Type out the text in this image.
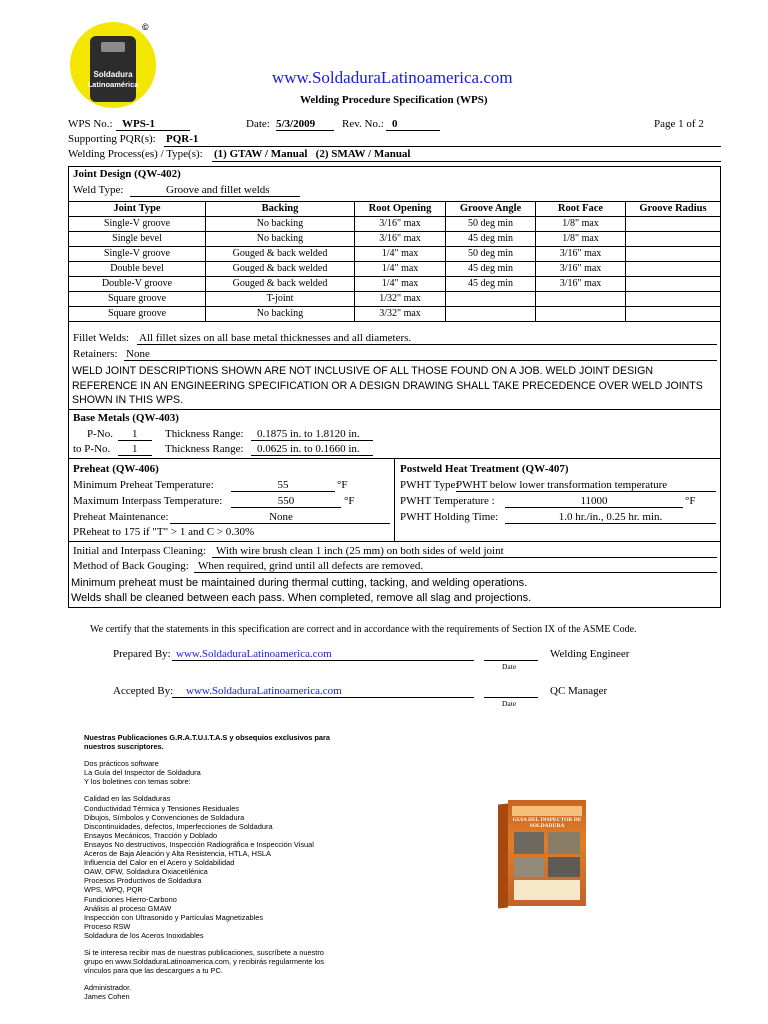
Soldadura
Latinoamérica
©
www.SoldaduraLatinoamerica.com
Welding Procedure Specification (WPS)
WPS No.: WPS-1	Date: 5/3/2009	Rev. No.: 0	Page 1 of 2
Supporting PQR(s): PQR-1
Welding Process(es) / Type(s): (1) GTAW / Manual   (2) SMAW / Manual
Joint Design (QW-402)
Weld Type:	Groove and fillet welds
Joint Type	Backing	Root Opening	Groove Angle	Root Face	Groove Radius
Single-V groove	No backing	3/16" max	50 deg min	1/8" max	
Single bevel	No backing	3/16" max	45 deg min	1/8" max	
Single-V groove	Gouged & back welded	1/4" max	50 deg min	3/16" max	
Double bevel	Gouged & back welded	1/4" max	45 deg min	3/16" max	
Double-V groove	Gouged & back welded	1/4" max	45 deg min	3/16" max	
Square groove	T-joint	1/32" max			
Square groove	No backing	3/32" max			
Fillet Welds: All fillet sizes on all base metal thicknesses and all diameters.
Retainers: None
WELD JOINT DESCRIPTIONS SHOWN ARE NOT INCLUSIVE OF ALL THOSE FOUND ON A JOB. WELD JOINT DESIGN REFERENCE IN AN ENGINEERING SPECIFICATION OR A DESIGN DRAWING SHALL TAKE PRECEDENCE OVER WELD JOINTS SHOWN IN THIS WPS.
Base Metals (QW-403)
P-No.	1	Thickness Range:	0.1875 in. to 1.8120 in.
to P-No.	1	Thickness Range:	0.0625 in. to 0.1660 in.
Preheat (QW-406)
Minimum Preheat Temperature:	55	°F
Maximum Interpass Temperature:	550	°F
Preheat Maintenance:	None
PReheat to 175 if "T" > 1 and C > 0.30%
Postweld Heat Treatment (QW-407)
PWHT Type:
PWHT below lower transformation temperature
PWHT Temperature :	11000	°F
PWHT Holding Time:	1.0 hr./in., 0.25 hr. min.
Initial and Interpass Cleaning: With wire brush clean 1 inch (25 mm) on both sides of weld joint
Method of Back Gouging: When required, grind until all defects are removed.
Minimum preheat must be maintained during thermal cutting, tacking, and welding operations.
Welds shall be cleaned between each pass. When completed, remove all slag and projections.
We certify that the statements in this specification are correct and in accordance with the requirements of Section IX of the ASME Code.
Prepared By: www.SoldaduraLatinoamerica.com
Date
Welding Engineer
Accepted By: www.SoldaduraLatinoamerica.com
Date
QC Manager
Nuestras Publicaciones G.R.A.T.U.I.T.A.S y obsequios exclusivos para nuestros suscriptores.
Dos prácticos software
La Guía del Inspector de Soldadura
Y los boletines con temas sobre:
Calidad en las Soldaduras
Conductividad Térmica y Tensiones Residuales
Dibujos, Símbolos y Convenciones de Soldadura
Discontinuidades, defectos, Imperfecciones de Soldadura
Ensayos Mecánicos, Tracción y Doblado
Ensayos No destructivos, Inspección Radiográfica e Inspección Visual
Aceros de Baja Aleación y Alta Resistencia, HTLA, HSLA
Influencia del Calor en el Acero y Soldabilidad
OAW, OFW, Soldadura Oxiacetilénica
Procesos Productivos de Soldadura
WPS, WPQ, PQR
Fundiciones Hierro-Carbono
Análisis al proceso GMAW
Inspección con Ultrasonido y Partículas Magnetizables
Proceso RSW
Soldadura de los Aceros Inoxidables
Si te interesa recibir mas de nuestras publicaciones, suscríbete a nuestro grupo en www.SoldaduraLatinoamerica.com, y recibirás regularmente los vínculos para que las descargues a tu PC.
Administrador.
James Cohen
GUIA DEL INSPECTOR DE SOLDADURA
